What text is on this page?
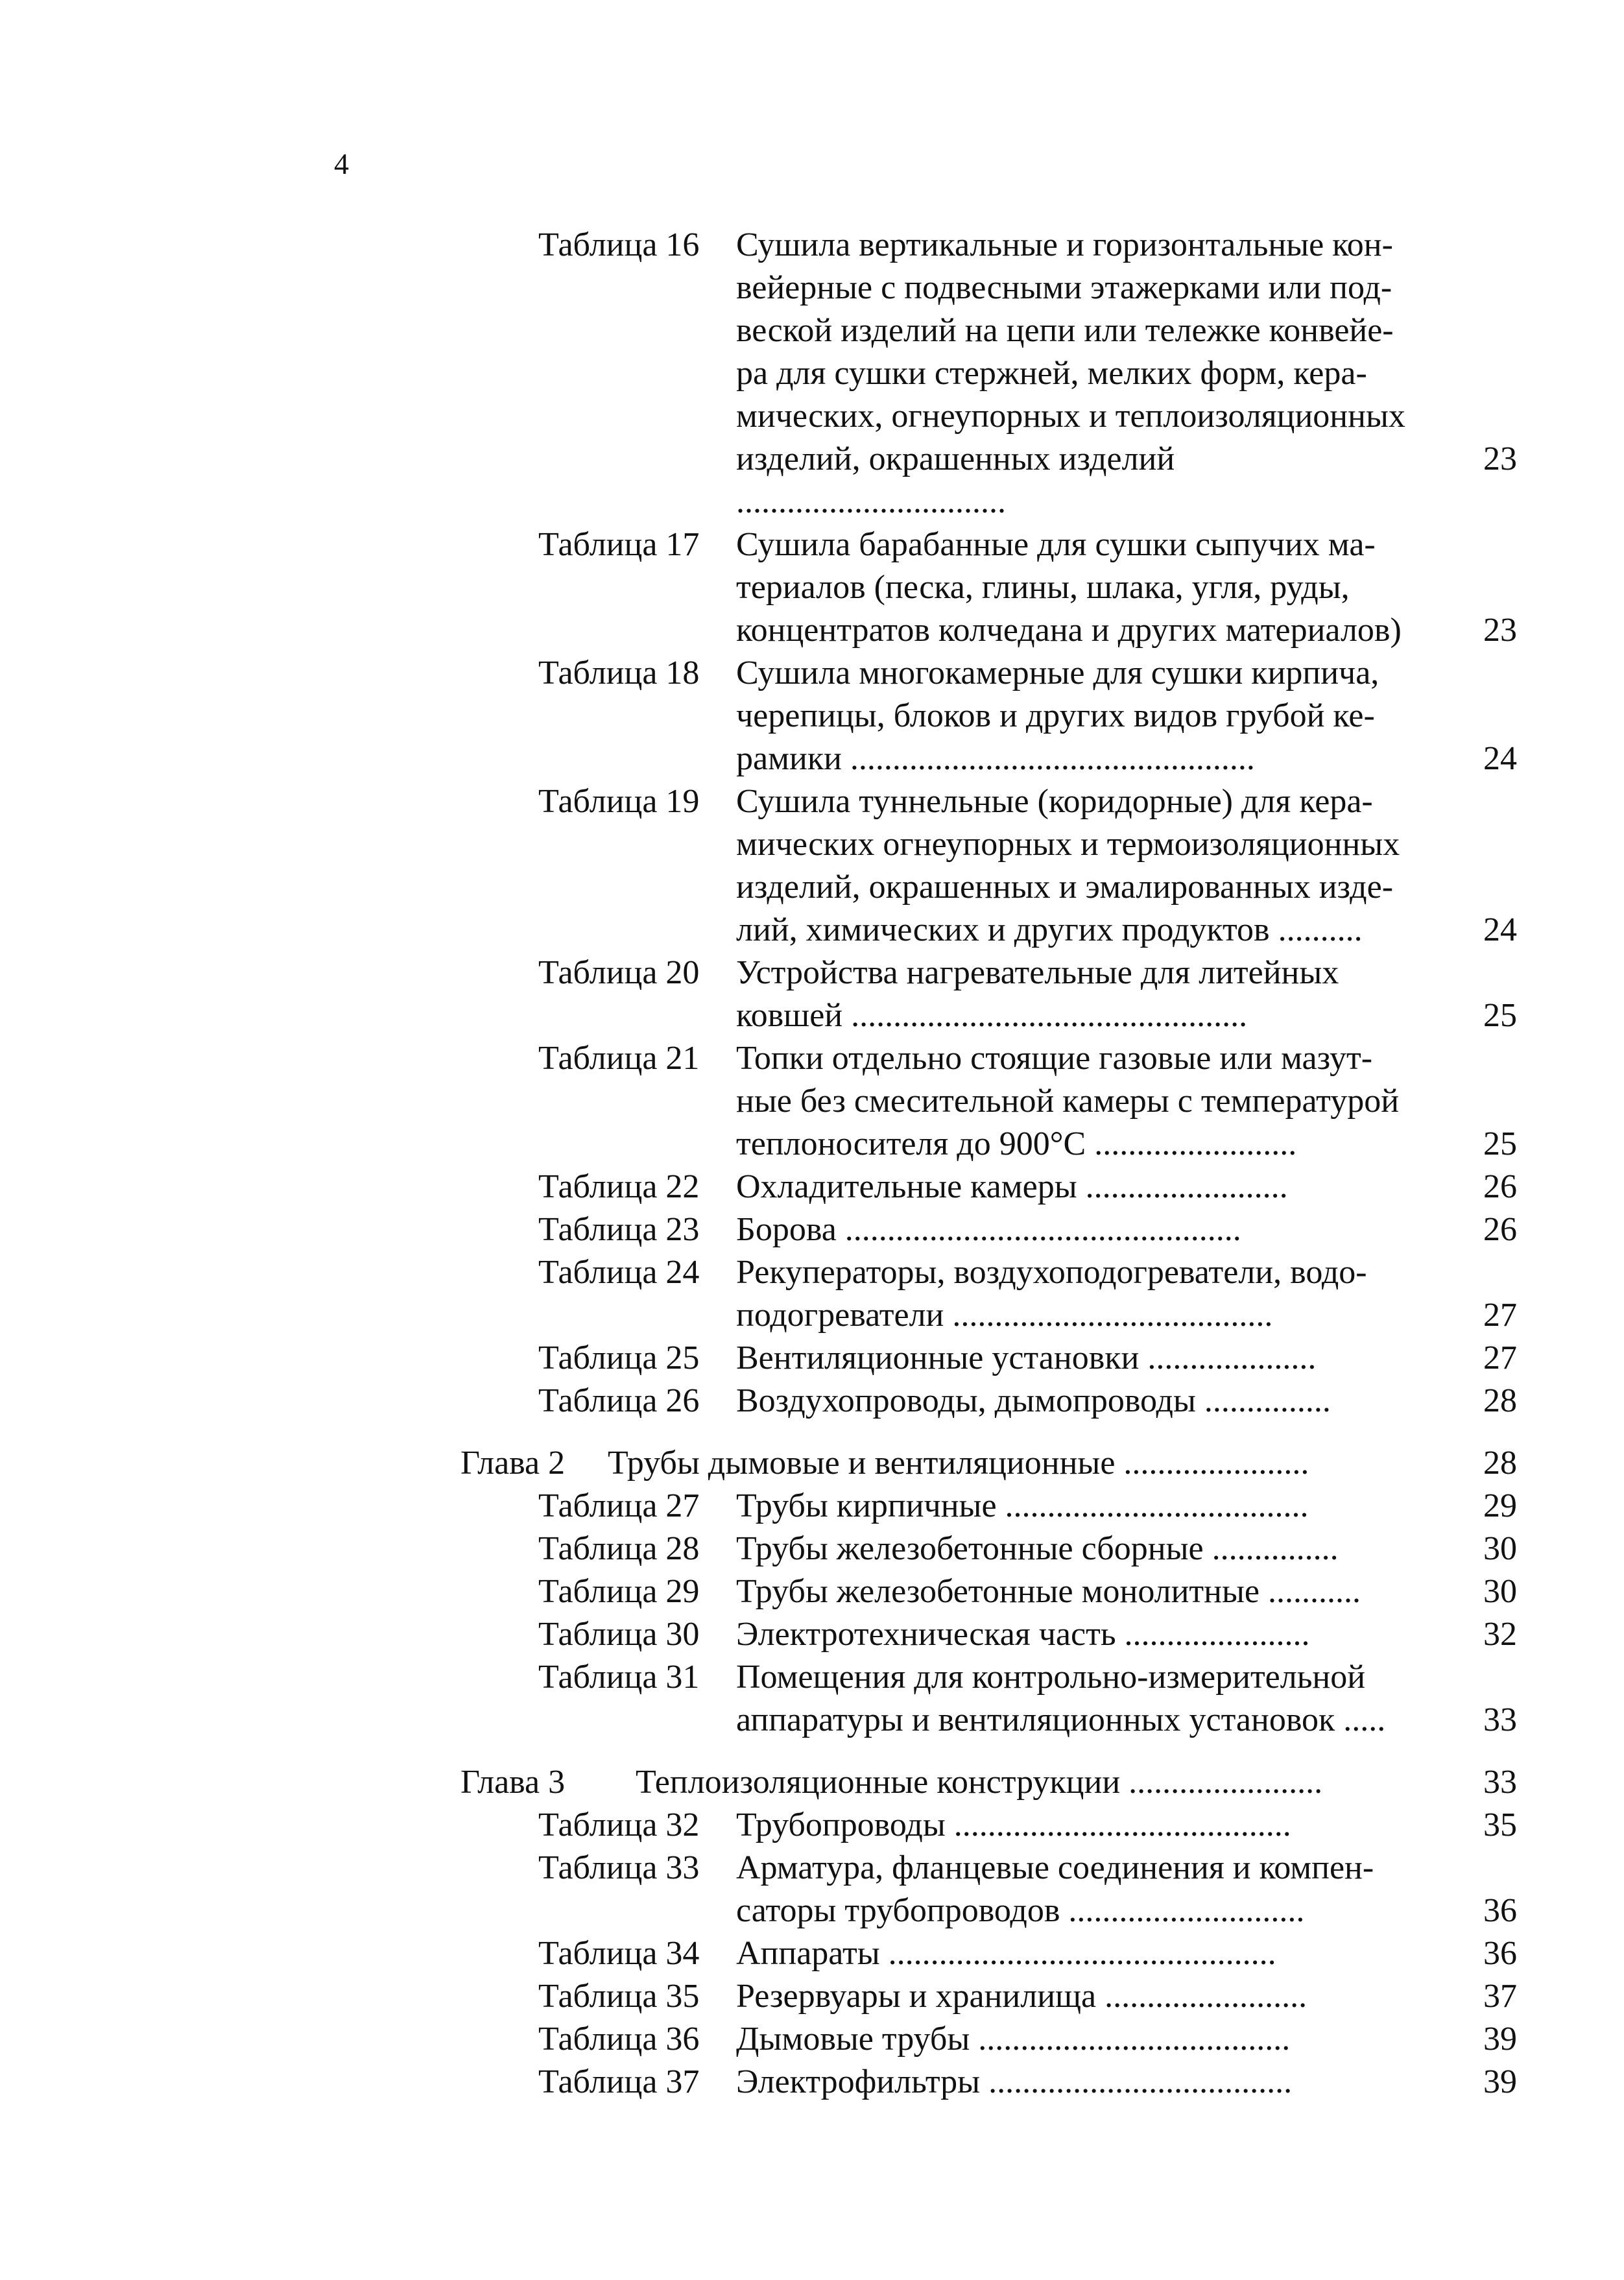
4
Таблица 16 Сушила вертикальные и горизонтальные кон-
вейерные с подвесными этажерками или под-
веской изделий на цепи или тележке конвейе-
ра для сушки стержней, мелких форм, кера-
мических, огнеупорных и теплоизоляционных
изделий, окрашенных изделий	23
................................
Таблица 17 Сушила барабанные для сушки сыпучих ма-
териалов (песка, глины, шлака, угля, руды,
концентратов колчедана и других материалов) 23
Таблица 18 Сушила многокамерные для сушки кирпича,
черепицы, блоков и других видов грубой ке-
рамики ................................................	24
Таблица 19 Сушила туннельные (коридорные) для кера-
мических огнеупорных и термоизоляционных
изделий, окрашенных и эмалированных изде-
лий, химических и других продуктов ..........	24
Таблица 20 Устройства нагревательные для литейных
ковшей ...............................................	25
Таблица 21 Топки отдельно стоящие газовые или мазут-
ные без смесительной камеры с температурой
теплоносителя до 900°С ........................	25
Таблица 22 Охладительные камеры ........................	26
Таблица 23 Борова ...............................................	26
Таблица 24 Рекуператоры, воздухоподогреватели, водо-
подогреватели ......................................	27
Таблица 25 Вентиляционные установки ....................	27
Таблица 26 Воздухопроводы, дымопроводы ...............	28
Глава 2 Трубы дымовые и вентиляционные ......................	28
Таблица 27 Трубы кирпичные ....................................	29
Таблица 28 Трубы железобетонные сборные ...............	30
Таблица 29 Трубы железобетонные монолитные ...........	30
Таблица 30 Электротехническая часть ......................	32
Таблица 31 Помещения для контрольно-измерительной
аппаратуры и вентиляционных установок .....	33
Глава 3 Теплоизоляционные конструкции .......................	33
Таблица 32 Трубопроводы ........................................	35
Таблица 33 Арматура, фланцевые соединения и компен-
саторы трубопроводов ............................	36
Таблица 34 Аппараты ..............................................	36
Таблица 35 Резервуары и хранилища ........................	37
Таблица 36 Дымовые трубы .....................................	39
Таблица 37 Электрофильтры ....................................	39
